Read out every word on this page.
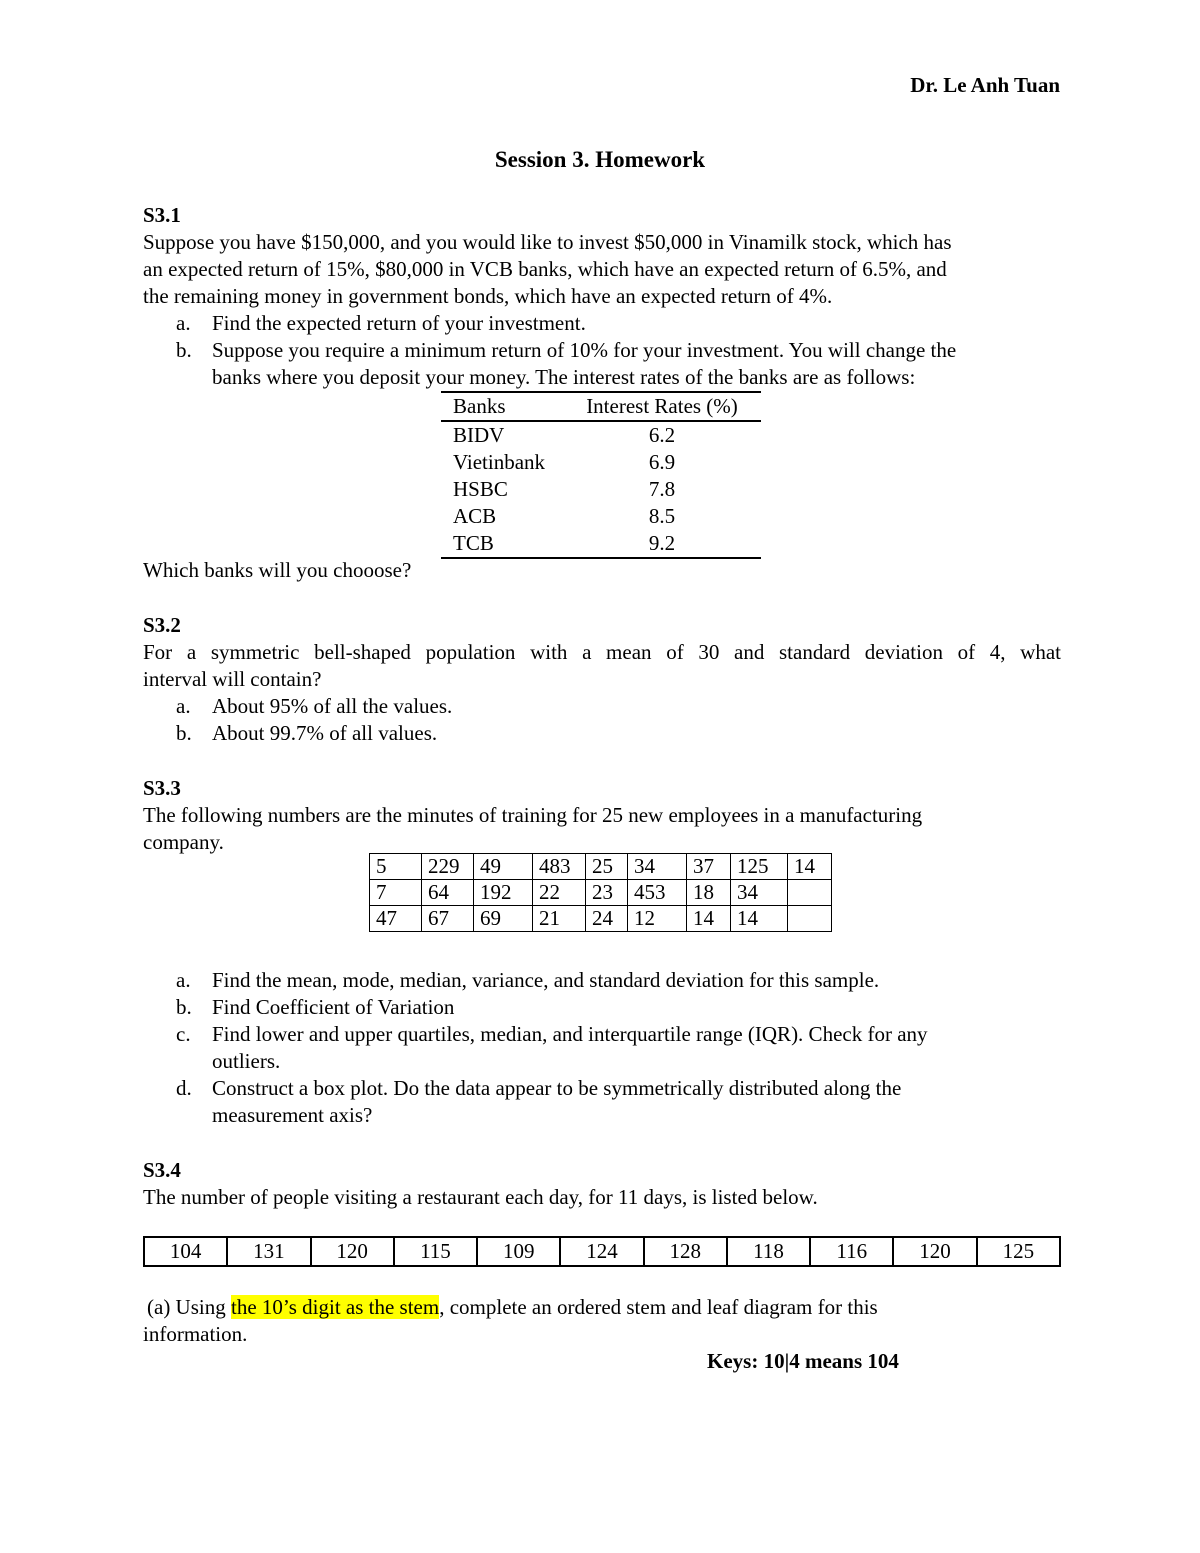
Dr. Le Anh Tuan
Session 3. Homework
S3.1
Suppose you have $150,000, and you would like to invest $50,000 in Vinamilk stock, which has
an expected return of 15%, $80,000 in VCB banks, which have an expected return of 6.5%, and
the remaining money in government bonds, which have an expected return of 4%.
a. Find the expected return of your investment.
b. Suppose you require a minimum return of 10% for your investment. You will change the
banks where you deposit your money. The interest rates of the banks are as follows:
Banks	Interest Rates (%)
BIDV	6.2
Vietinbank	6.9
HSBC	7.8
ACB	8.5
TCB	9.2
Which banks will you chooose?
S3.2
For a symmetric bell-shaped population with a mean of 30 and standard deviation of 4, what
interval will contain?
a. About 95% of all the values.
b. About 99.7% of all values.
S3.3
The following numbers are the minutes of training for 25 new employees in a manufacturing
company.
5	229	49	483	25	34	37	125	14
7	64	192	22	23	453	18	34	
47	67	69	21	24	12	14	14	
a. Find the mean, mode, median, variance, and standard deviation for this sample.
b. Find Coefficient of Variation
c. Find lower and upper quartiles, median, and interquartile range (IQR). Check for any
outliers.
d. Construct a box plot. Do the data appear to be symmetrically distributed along the
measurement axis?
S3.4
The number of people visiting a restaurant each day, for 11 days, is listed below.
104	131	120	115	109	124	128	118	116	120	125
(a) Using the 10’s digit as the stem, complete an ordered stem and leaf diagram for this
information.
Keys: 10|4 means 104
